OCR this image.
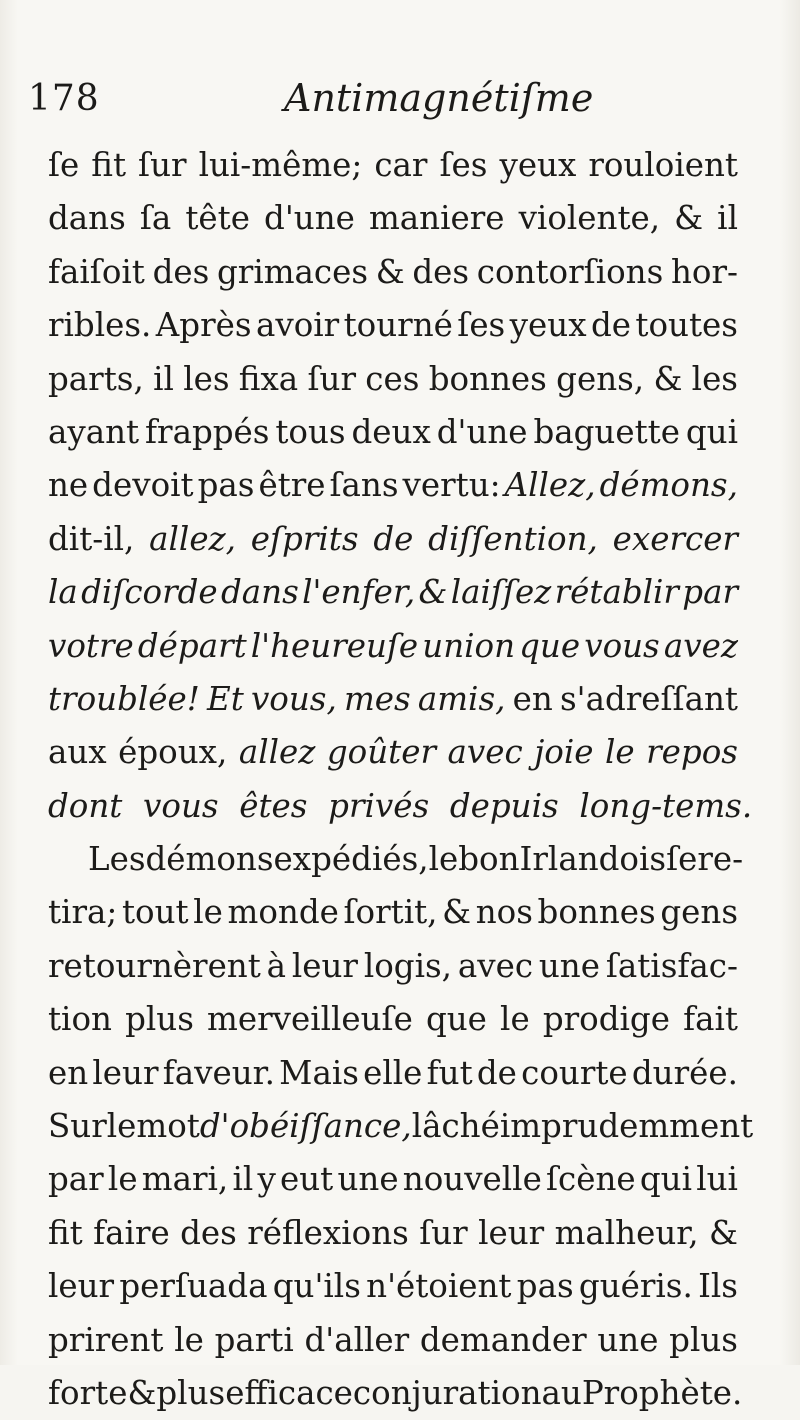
178	Antimagnétiſme
ſe fit ſur lui-même; car ſes yeux rouloient
dans ſa tête d'une maniere violente, & il
faiſoit des grimaces & des contorſions hor-
ribles. Après avoir tourné ſes yeux de toutes
parts, il les fixa ſur ces bonnes gens, & les
ayant frappés tous deux d'une baguette qui
ne devoit pas être ſans vertu: Allez, démons,
dit-il, allez, eſprits de diſſention, exercer
la diſcorde dans l'enfer, & laiſſez rétablir par
votre départ l'heureuſe union que vous avez
troublée! Et vous, mes amis, en s'adreſſant
aux époux, allez goûter avec joie le repos
dont
vous
êtes
privés
depuis
long-tems.
Les démons expédiés, le bon Irlandois ſe re-
tira; tout le monde ſortit, & nos bonnes gens
retournèrent à leur logis, avec une ſatisfac-
tion plus merveilleuſe que le prodige fait
en leur faveur. Mais elle fut de courte durée.
Sur le mot d'obéiſſance, lâché imprudemment
par le mari, il y eut une nouvelle ſcène qui lui
fit faire des réflexions ſur leur malheur, &
leur perſuada qu'ils n'étoient pas guéris. Ils
prirent le parti d'aller demander une plus
forte & plus efficace conjuration au Prophète.
